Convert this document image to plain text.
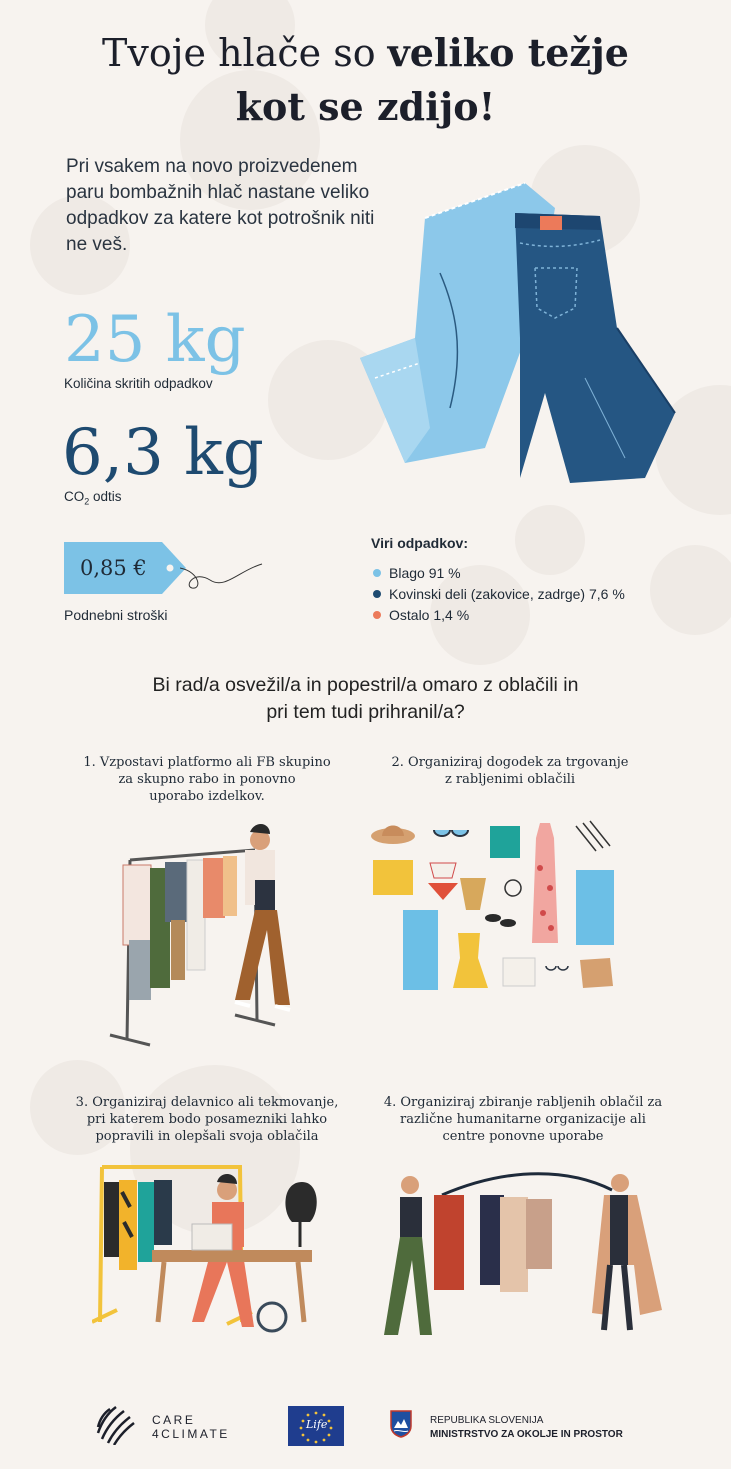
Tvoje hlače so veliko težje
kot se zdijo!
Pri vsakem na novo proizvedenem paru bombažnih hlač nastane veliko odpadkov za katere kot potrošnik niti ne veš.
25 kg
Količina skritih odpadkov
6,3 kg
$CO_2$ odtis
0,85 €
Podnebni stroški
Viri odpadkov:
Blago 91 %
Kovinski deli (zakovice, zadrge) 7,6 %
Ostalo 1,4 %
Bi rad/a osvežil/a in popestril/a omaro z oblačili in
pri tem tudi prihranil/a?
1. Vzpostavi platformo ali FB skupino
za skupno rabo in ponovno
uporabo izdelkov.
2. Organiziraj dogodek za trgovanje
z rabljenimi oblačili
3. Organiziraj delavnico ali tekmovanje,
pri katerem bodo posamezniki lahko
popravili in olepšali svoja oblačila
4. Organiziraj zbiranje rabljenih oblačil za
različne humanitarne organizacije ali
centre ponovne uporabe
CARE
4CLIMATE
Life	REPUBLIKA SLOVENIJA
MINISTRSTVO ZA OKOLJE IN PROSTOR
